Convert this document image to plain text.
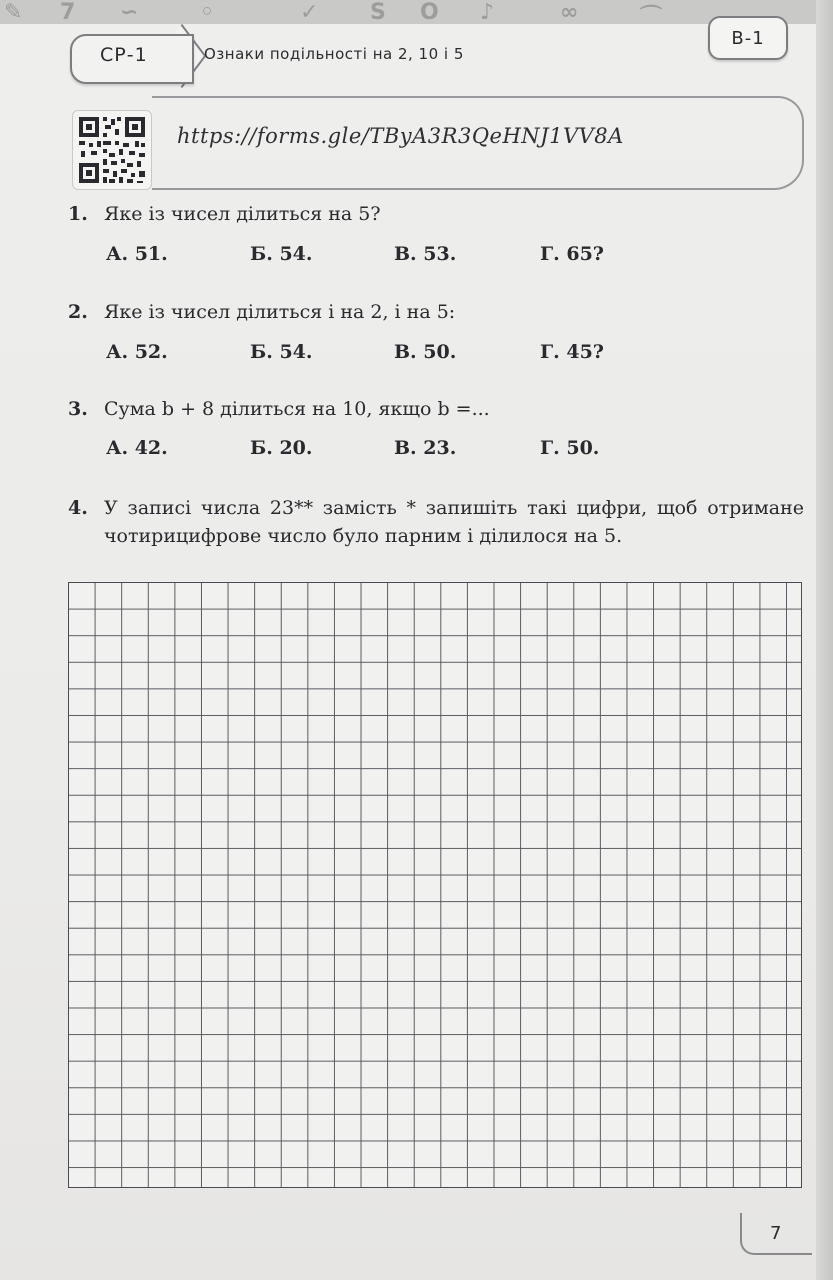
✎ 7 ∽	◦	✓ S O ♪	∞	⌒
СР-1	Ознаки подільності на 2, 10 і 5
В-1
https://forms.gle/TByA3R3QeHNJ1VV8A
1. Яке із чисел ділиться на 5?
А. 51.	Б. 54.	В. 53.	Г. 65?
2. Яке із чисел ділиться і на 2, і на 5:
А. 52.	Б. 54.	В. 50.	Г. 45?
3. Сума b + 8 ділиться на 10, якщо b =...
А. 42.	Б. 20.	В. 23.	Г. 50.
4. У записі числа 23** замість * запишіть такі цифри, щоб отримане чотирицифрове число було парним і ділилося на 5.
7
